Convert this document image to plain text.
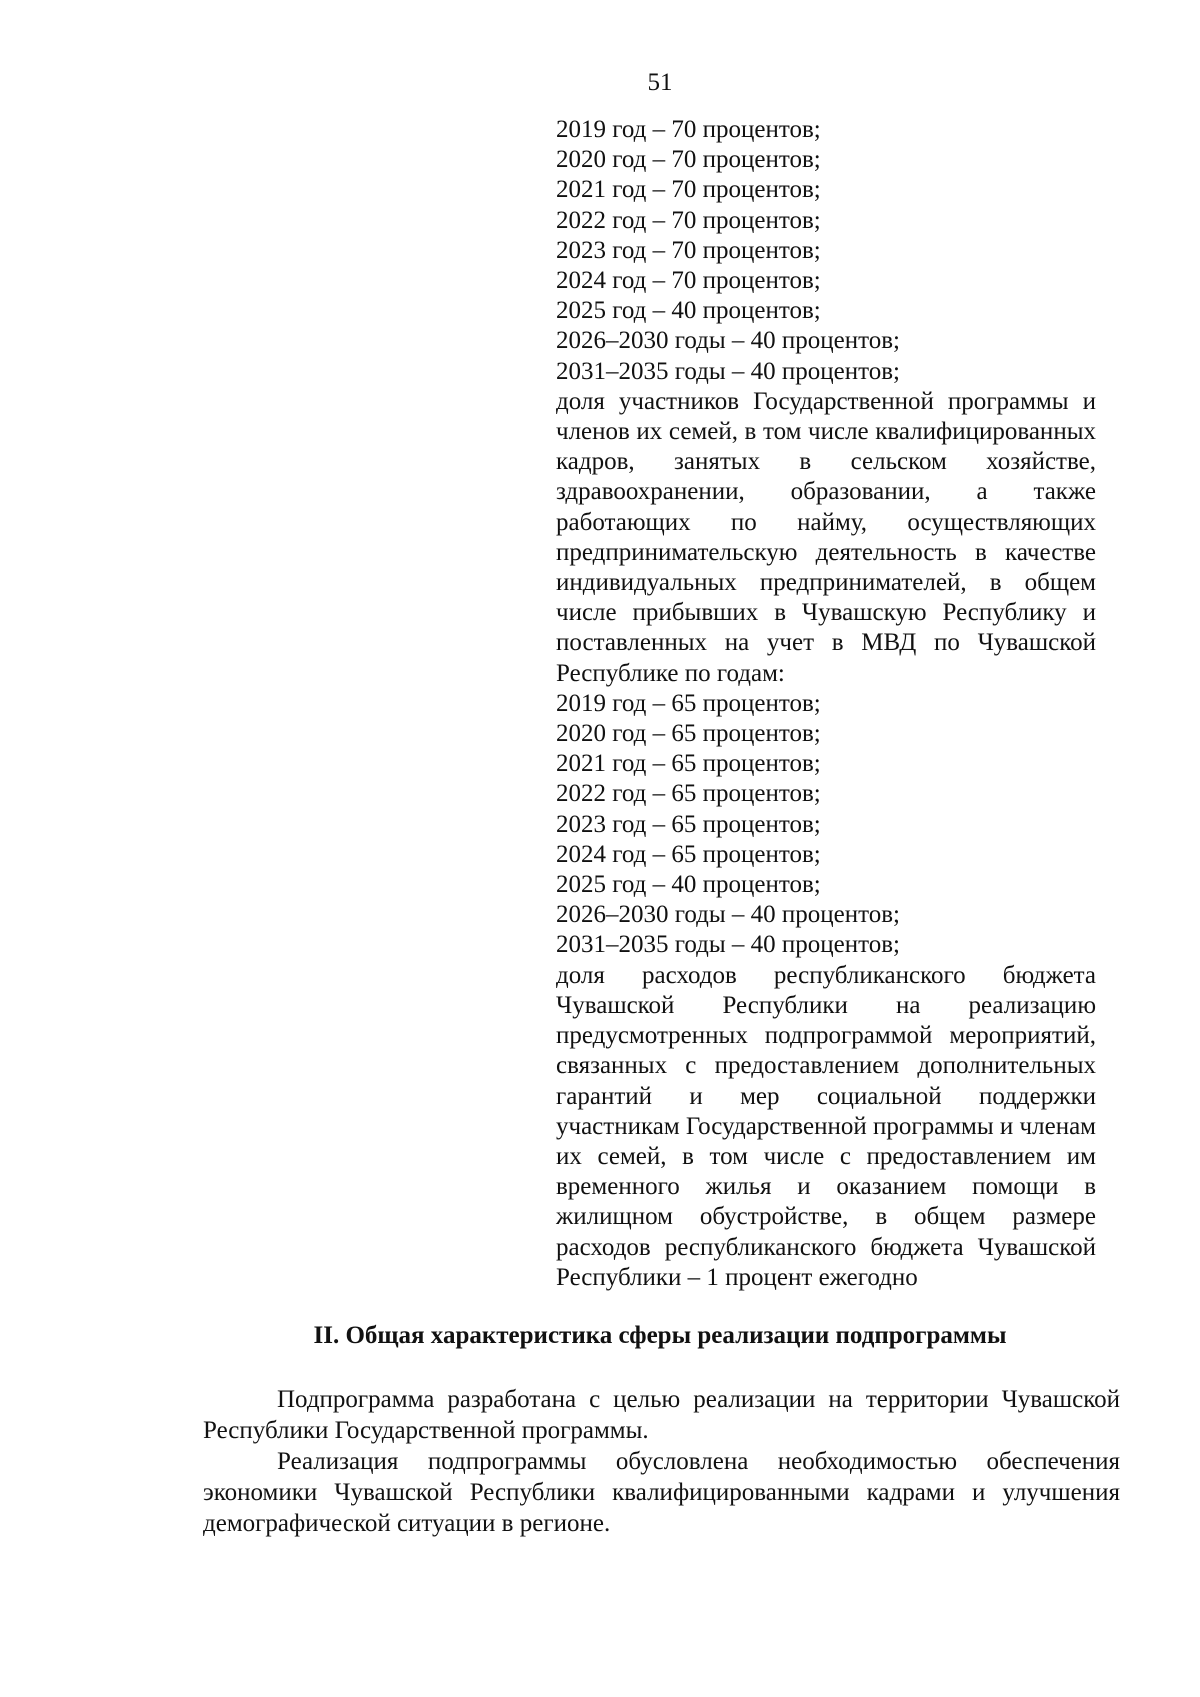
51
2019 год – 70 процентов;
2020 год – 70 процентов;
2021 год – 70 процентов;
2022 год – 70 процентов;
2023 год – 70 процентов;
2024 год – 70 процентов;
2025 год – 40 процентов;
2026–2030 годы – 40 процентов;
2031–2035 годы – 40 процентов;
доля участников Государственной программы и членов их семей, в том числе квалифицированных кадров, занятых в сельском хозяйстве, здравоохранении, образовании, а также работающих по найму, осуществляющих предпринимательскую деятельность в качестве индивидуальных предпринимателей, в общем числе прибывших в Чувашскую Республику и поставленных на учет в МВД по Чувашской Республике по годам:
2019 год – 65 процентов;
2020 год – 65 процентов;
2021 год – 65 процентов;
2022 год – 65 процентов;
2023 год – 65 процентов;
2024 год – 65 процентов;
2025 год – 40 процентов;
2026–2030 годы – 40 процентов;
2031–2035 годы – 40 процентов;
доля расходов республиканского бюджета Чувашской Республики на реализацию предусмотренных подпрограммой мероприятий, связанных с предоставлением дополнительных гарантий и мер социальной поддержки участникам Государственной программы и членам их семей, в том числе с предоставлением им временного жилья и оказанием помощи в жилищном обустройстве, в общем размере расходов республиканского бюджета Чувашской Республики – 1 процент ежегодно
II. Общая характеристика сферы реализации подпрограммы

Подпрограмма разработана с целью реализации на территории Чувашской Республики Государственной программы.

Реализация подпрограммы обусловлена необходимостью обеспечения экономики Чувашской Республики квалифицированными кадрами и улучшения демографической ситуации в регионе.
